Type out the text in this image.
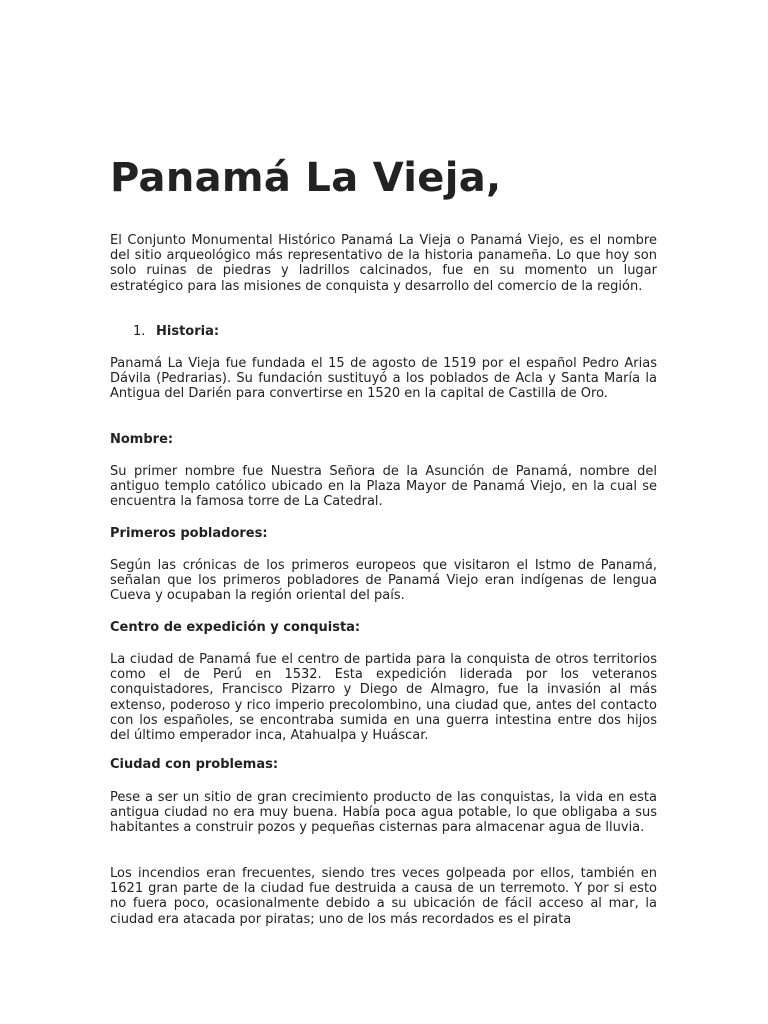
Panamá La Vieja,

El Conjunto Monumental Histórico Panamá La Vieja o Panamá Viejo, es el nombre del sitio arqueológico más representativo de la historia panameña. Lo que hoy son solo ruinas de piedras y ladrillos calcinados, fue en su momento un lugar estratégico para las misiones de conquista y desarrollo del comercio de la región.

1. Historia:

Panamá La Vieja fue fundada el 15 de agosto de 1519 por el español Pedro Arias Dávila (Pedrarias). Su fundación sustituyó a los poblados de Acla y Santa María la Antigua del Darién para convertirse en 1520 en la capital de Castilla de Oro.

Nombre:

Su primer nombre fue Nuestra Señora de la Asunción de Panamá, nombre del antiguo templo católico ubicado en la Plaza Mayor de Panamá Viejo, en la cual se encuentra la famosa torre de La Catedral.

Primeros pobladores:

Según las crónicas de los primeros europeos que visitaron el Istmo de Panamá, señalan que los primeros pobladores de Panamá Viejo eran indígenas de lengua Cueva y ocupaban la región oriental del país.

Centro de expedición y conquista:

La ciudad de Panamá fue el centro de partida para la conquista de otros territorios como el de Perú en 1532. Esta expedición liderada por los veteranos conquistadores, Francisco Pizarro y Diego de Almagro, fue la invasión al más extenso, poderoso y rico imperio precolombino, una ciudad que, antes del contacto con los españoles, se encontraba sumida en una guerra intestina entre dos hijos del último emperador inca, Atahualpa y Huáscar.

Ciudad con problemas:

Pese a ser un sitio de gran crecimiento producto de las conquistas, la vida en esta antigua ciudad no era muy buena. Había poca agua potable, lo que obligaba a sus habitantes a construir pozos y pequeñas cisternas para almacenar agua de lluvia.

Los incendios eran frecuentes, siendo tres veces golpeada por ellos, también en 1621 gran parte de la ciudad fue destruida a causa de un terremoto. Y por si esto no fuera poco, ocasionalmente debido a su ubicación de fácil acceso al mar, la ciudad era atacada por piratas; uno de los más recordados es el pirata
